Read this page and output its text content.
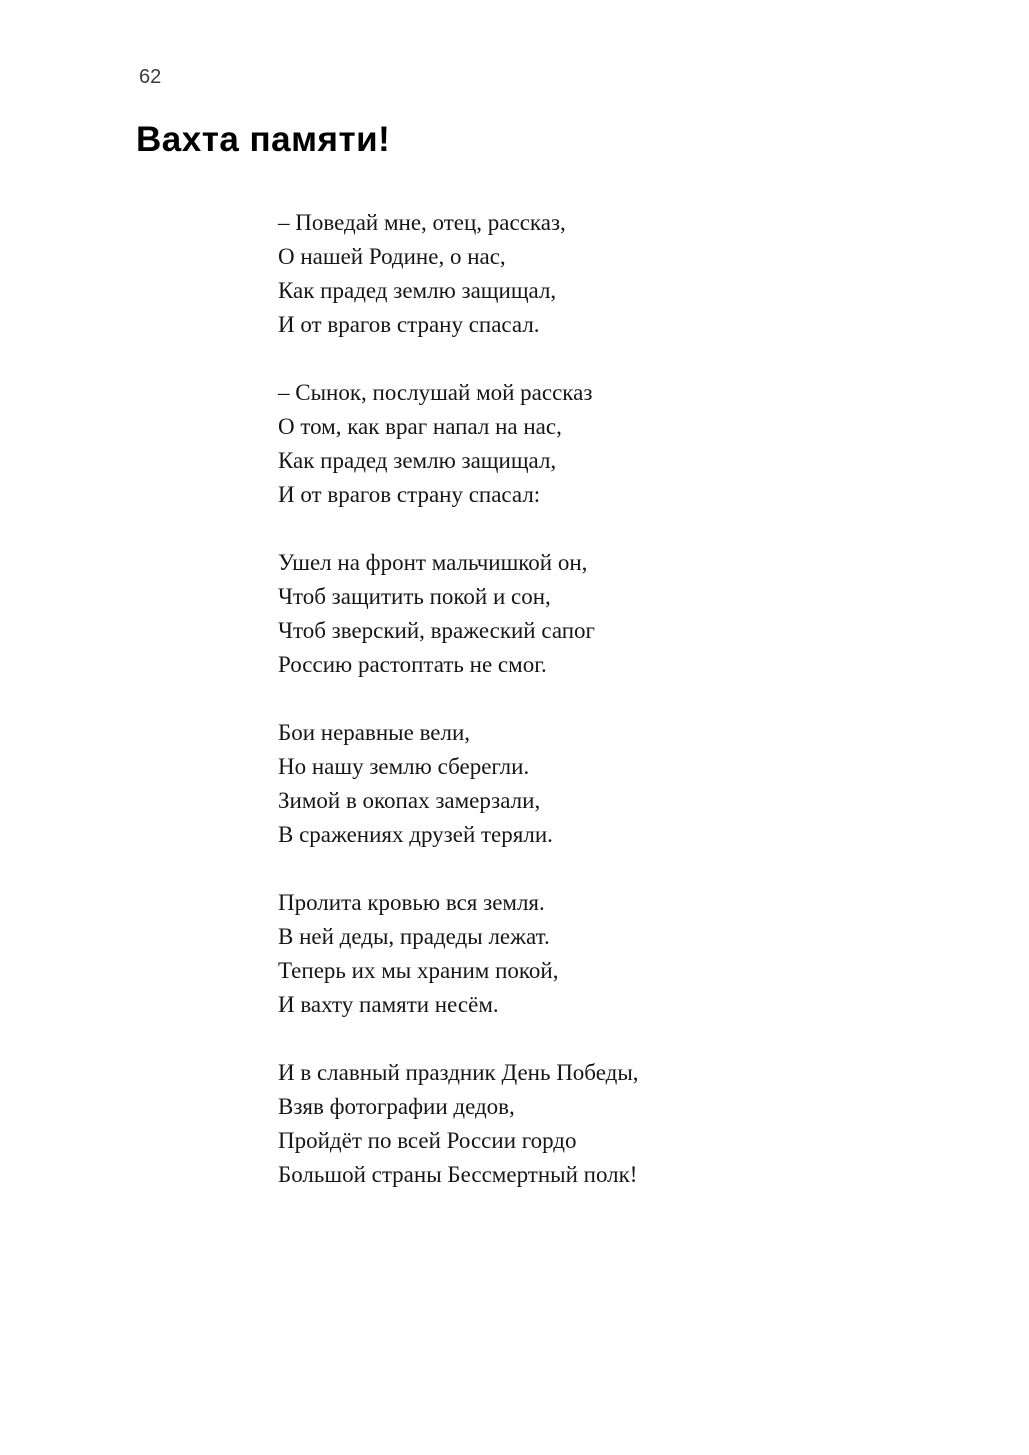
62
Вахта памяти!

– Поведай мне, отец, рассказ,

О нашей Родине, о нас,

Как прадед землю защищал,

И от врагов страну спасал.

– Сынок, послушай мой рассказ

О том, как враг напал на нас,

Как прадед землю защищал,

И от врагов страну спасал:

Ушел на фронт мальчишкой он,

Чтоб защитить покой и сон,

Чтоб зверский, вражеский сапог

Россию растоптать не смог.

Бои неравные вели,

Но нашу землю сберегли.

Зимой в окопах замерзали,

В сражениях друзей теряли.

Пролита кровью вся земля.

В ней деды, прадеды лежат.

Теперь их мы храним покой,

И вахту памяти несём.

И в славный праздник День Победы,

Взяв фотографии дедов,

Пройдёт по всей России гордо

Большой страны Бессмертный полк!
